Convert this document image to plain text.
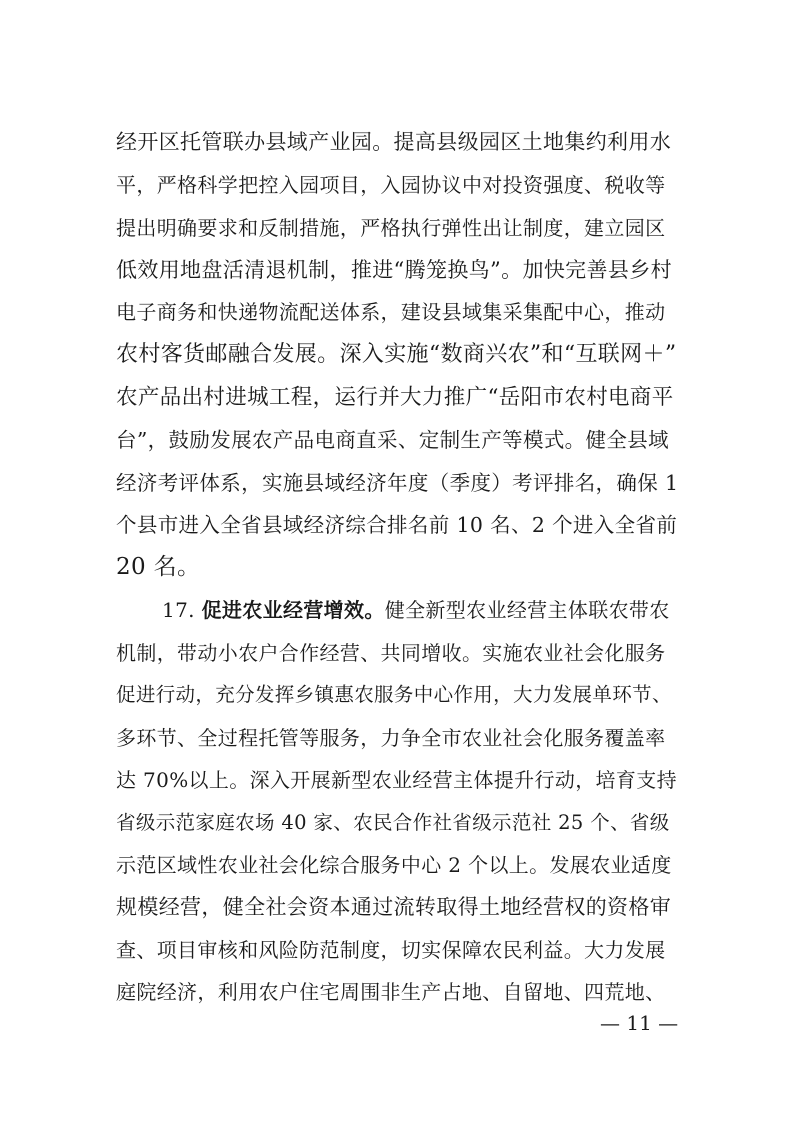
经开区托管联办县域产业园。提高县级园区土地集约利用水
平，严格科学把控入园项目，入园协议中对投资强度、税收等
提出明确要求和反制措施，严格执行弹性出让制度，建立园区
低效用地盘活清退机制，推进“腾笼换鸟”。加快完善县乡村
电子商务和快递物流配送体系，建设县域集采集配中心，推动
农村客货邮融合发展。深入实施“数商兴农”和“互联网＋”
农产品出村进城工程，运行并大力推广“岳阳市农村电商平
台”，鼓励发展农产品电商直采、定制生产等模式。健全县域
经济考评体系，实施县域经济年度（季度）考评排名，确保 1
个县市进入全省县域经济综合排名前 10 名、2 个进入全省前
20 名。
17. 促进农业经营增效。健全新型农业经营主体联农带农
机制，带动小农户合作经营、共同增收。实施农业社会化服务
促进行动，充分发挥乡镇惠农服务中心作用，大力发展单环节、
多环节、全过程托管等服务，力争全市农业社会化服务覆盖率
达 70%以上。深入开展新型农业经营主体提升行动，培育支持
省级示范家庭农场 40 家、农民合作社省级示范社 25 个、省级
示范区域性农业社会化综合服务中心 2 个以上。发展农业适度
规模经营，健全社会资本通过流转取得土地经营权的资格审
查、项目审核和风险防范制度，切实保障农民利益。大力发展
庭院经济，利用农户住宅周围非生产占地、自留地、四荒地、
— 11 —
